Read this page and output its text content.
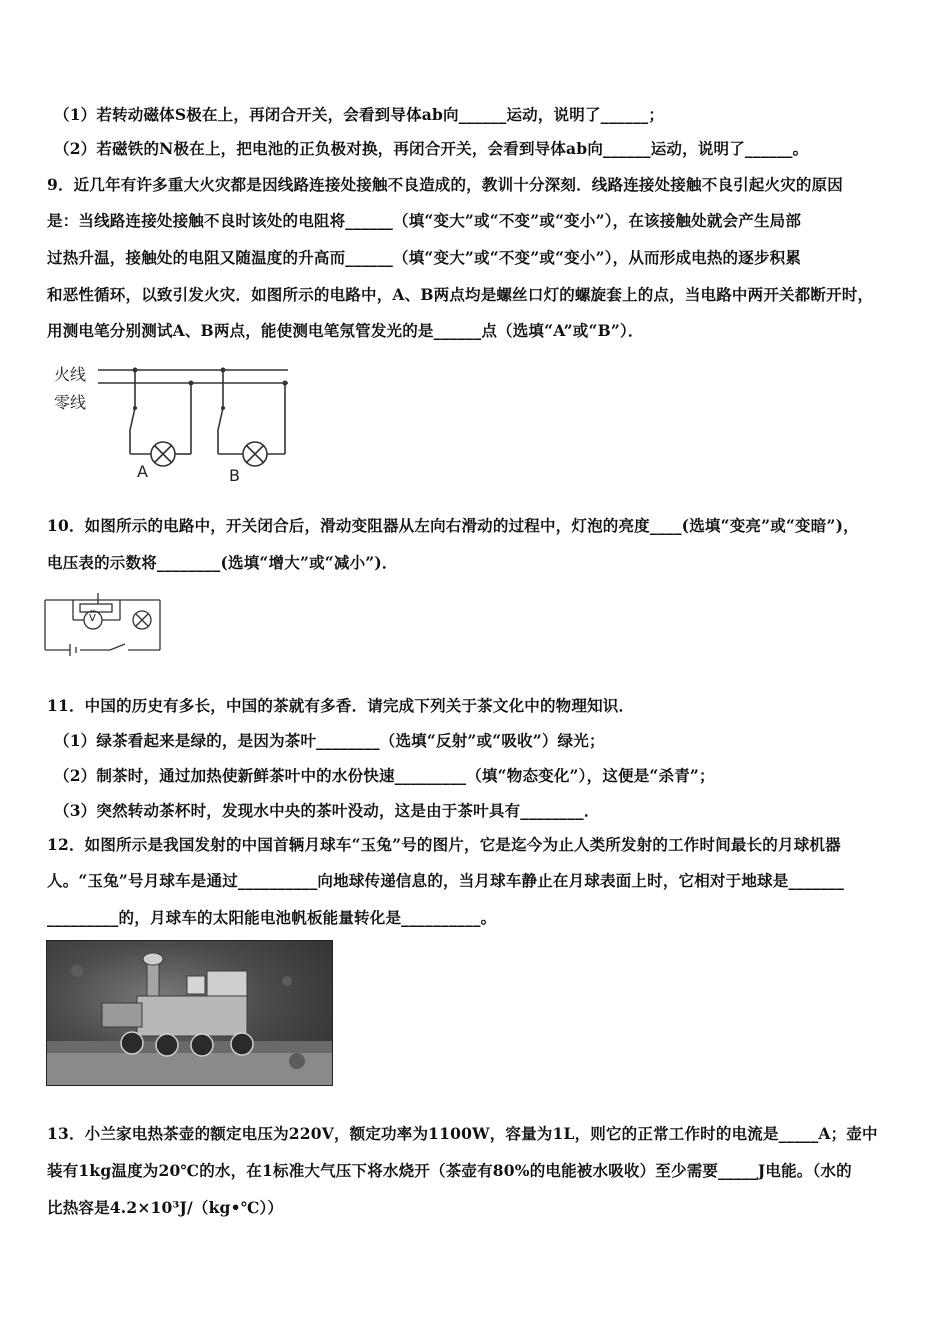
（1）若转动磁体S极在上，再闭合开关，会看到导体ab向______运动，说明了______；
（2）若磁铁的N极在上，把电池的正负极对换，再闭合开关，会看到导体ab向______运动，说明了______。
9．近几年有许多重大火灾都是因线路连接处接触不良造成的，教训十分深刻．线路连接处接触不良引起火灾的原因
是：当线路连接处接触不良时该处的电阻将______（填“变大”或“不变”或“变小”），在该接触处就会产生局部
过热升温，接触处的电阻又随温度的升高而______（填“变大”或“不变”或“变小”），从而形成电热的逐步积累
和恶性循环，以致引发火灾．如图所示的电路中，A、B两点均是螺丝口灯的螺旋套上的点，当电路中两开关都断开时，
用测电笔分别测试A、B两点，能使测电笔氖管发光的是______点（选填“A”或“B”）．
火线
零线
A	B
10．如图所示的电路中，开关闭合后，滑动变阻器从左向右滑动的过程中，灯泡的亮度____(选填“变亮”或“变暗”)，
电压表的示数将________(选填“增大”或“减小”)．
V
11．中国的历史有多长，中国的茶就有多香．请完成下列关于茶文化中的物理知识．
（1）绿茶看起来是绿的，是因为茶叶________（选填“反射”或“吸收”）绿光；
（2）制茶时，通过加热使新鲜茶叶中的水份快速_________（填“物态变化”），这便是“杀青”；
（3）突然转动茶杯时，发现水中央的茶叶没动，这是由于茶叶具有________．
12．如图所示是我国发射的中国首辆月球车“玉兔”号的图片，它是迄今为止人类所发射的工作时间最长的月球机器
人。“玉兔”号月球车是通过__________向地球传递信息的，当月球车静止在月球表面上时，它相对于地球是_______
_________的，月球车的太阳能电池帆板能量转化是__________。
13．小兰家电热茶壶的额定电压为220V，额定功率为1100W，容量为1L，则它的正常工作时的电流是_____A；壶中
装有1kg温度为20℃的水，在1标准大气压下将水烧开（茶壶有80%的电能被水吸收）至少需要_____J电能。（水的
比热容是4.2×10³J/（kg•℃））
